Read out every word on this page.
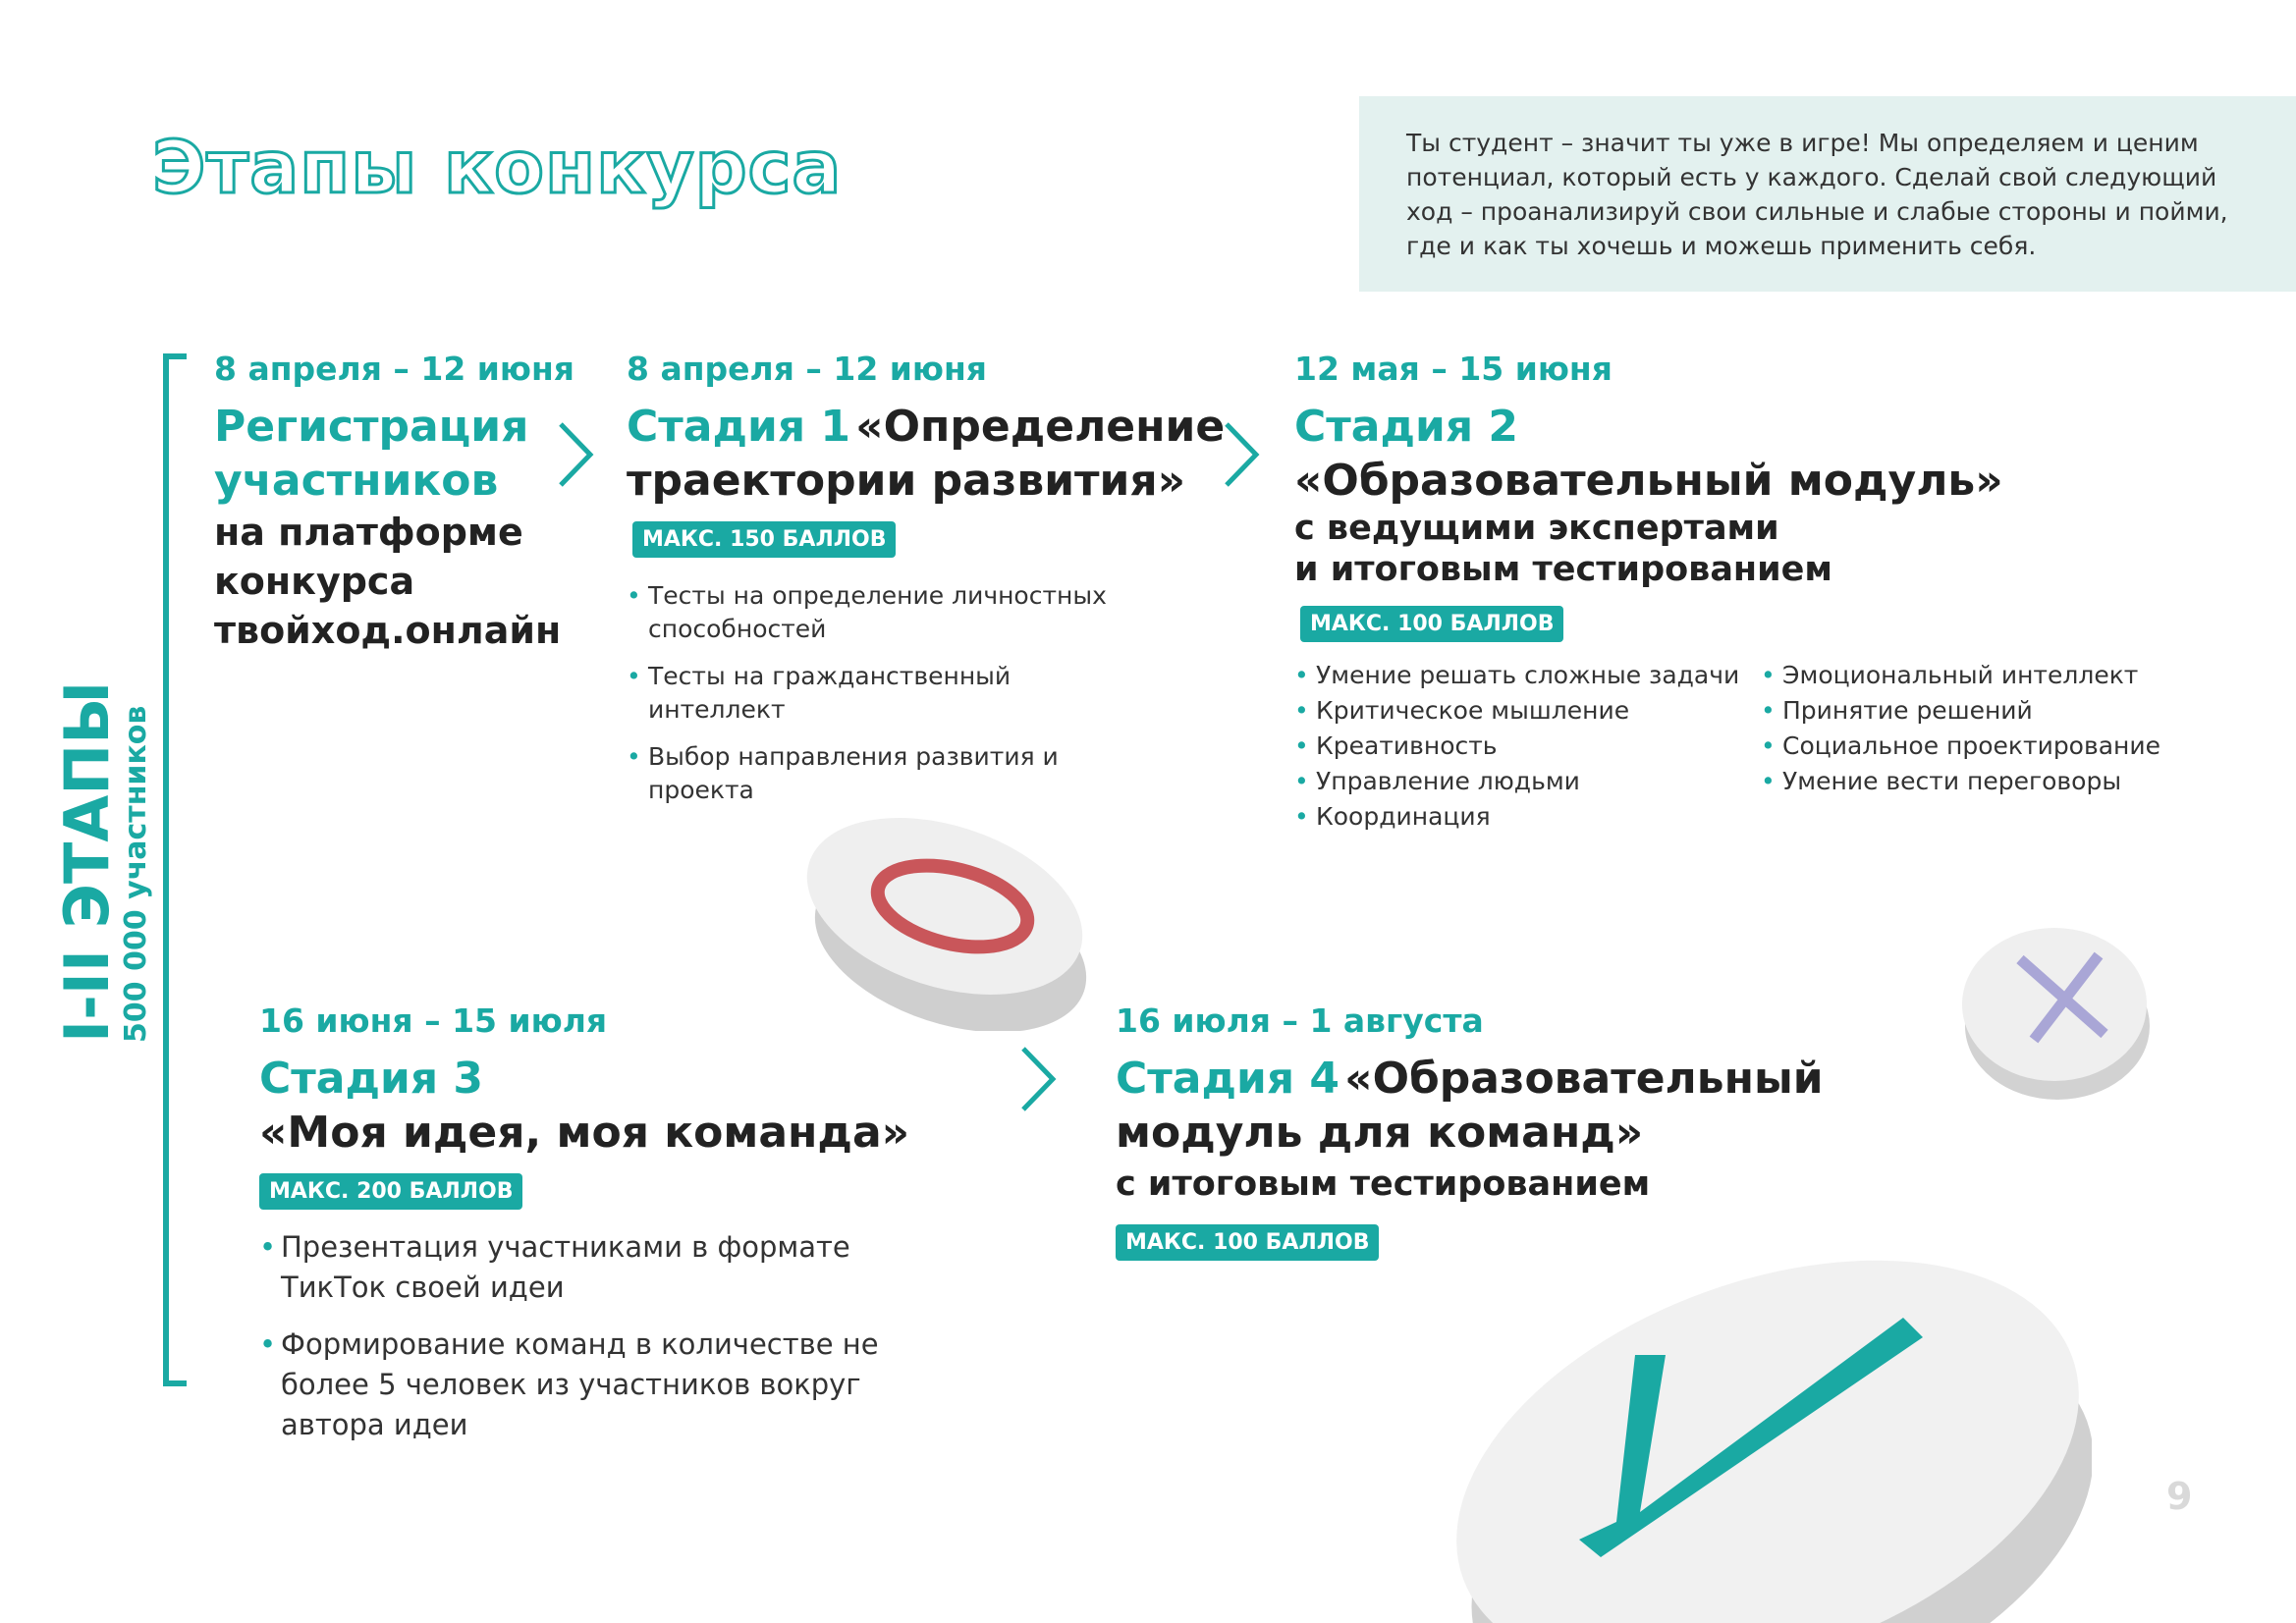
Этапы конкурса	Ты студент – значит ты уже в игре! Мы определяем и ценим потенциал, который есть у каждого. Сделай свой следующий ход – проанализируй свои сильные и слабые стороны и пойми, где и как ты хочешь и можешь применить себя.
I-II ЭТАПЫ
500 000 участников
8 апреля – 12 июня
Регистрация
участников
на платформе
конкурса
твойход.онлайн
8 апреля – 12 июня
Стадия 1 «Определение
траектории развития»
МАКС. 150 БАЛЛОВ
• Тесты на определение личностных способностей
• Тесты на гражданственный интеллект
• Выбор направления развития и проекта
12 мая – 15 июня
Стадия 2
«Образовательный модуль»
с ведущими экспертами
и итоговым тестированием
МАКС. 100 БАЛЛОВ
• Умение решать сложные задачи
• Критическое мышление
• Креативность
• Управление людьми
• Координация
• Эмоциональный интеллект
• Принятие решений
• Социальное проектирование
• Умение вести переговоры
16 июня – 15 июля
Стадия 3
«Моя идея, моя команда»
МАКС. 200 БАЛЛОВ
• Презентация участниками в формате ТикТок своей идеи
• Формирование команд в количестве не более 5 человек из участников вокруг автора идеи
16 июля – 1 августа
Стадия 4 «Образовательный
модуль для команд»
с итоговым тестированием
МАКС. 100 БАЛЛОВ
9
